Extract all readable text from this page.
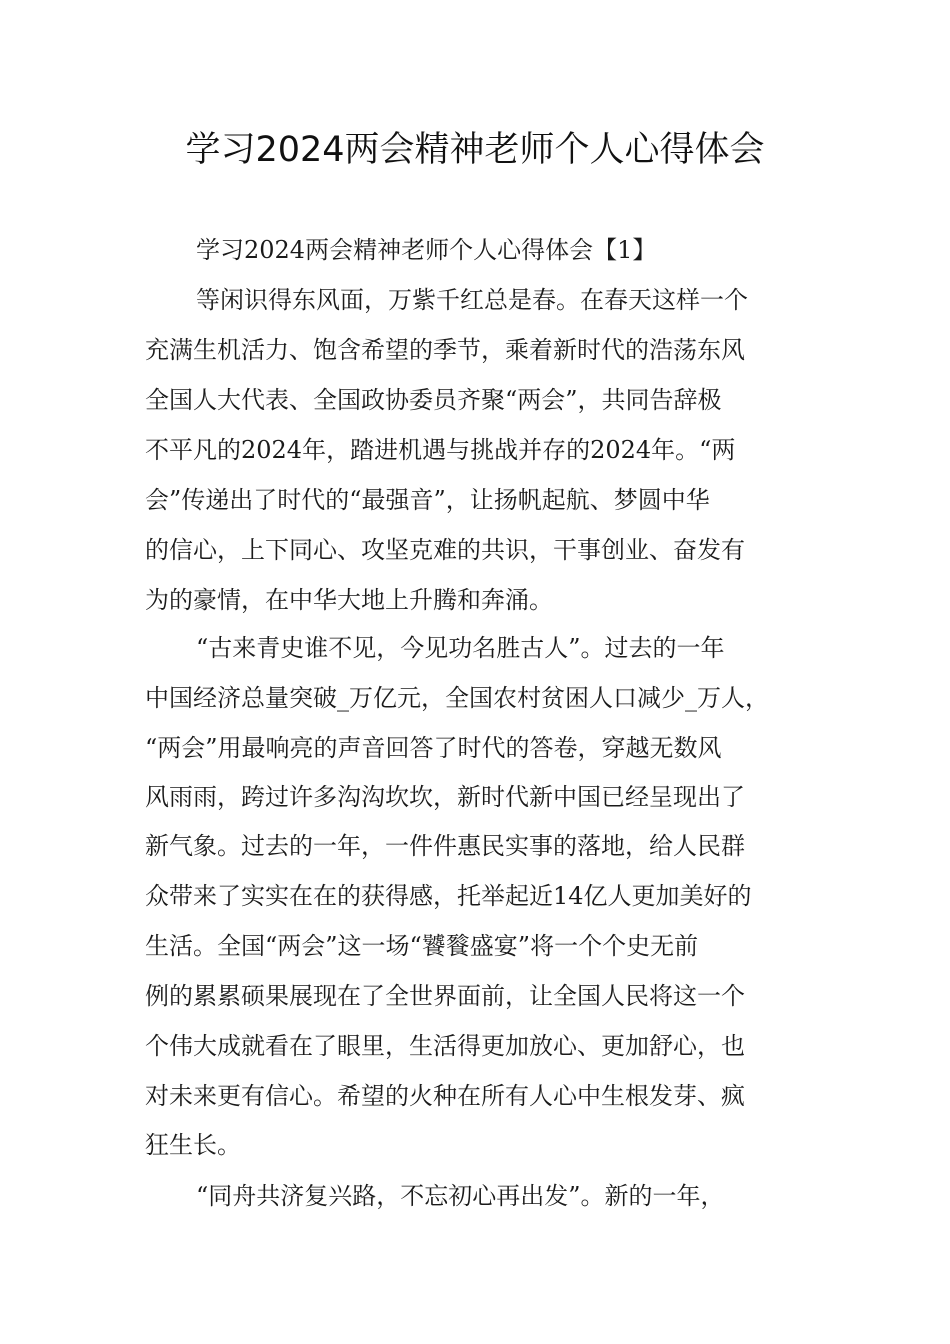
学习2024两会精神老师个人心得体会
学习2024两会精神老师个人心得体会【1】
等闲识得东风面，万紫千红总是春。在春天这样一个
充满生机活力、饱含希望的季节，乘着新时代的浩荡东风
全国人大代表、全国政协委员齐聚“两会”，共同告辞极
不平凡的2024年，踏进机遇与挑战并存的2024年。“两
会”传递出了时代的“最强音”，让扬帆起航、梦圆中华
的信心，上下同心、攻坚克难的共识，干事创业、奋发有
为的豪情，在中华大地上升腾和奔涌。
“古来青史谁不见，今见功名胜古人”。过去的一年
中国经济总量突破_万亿元，全国农村贫困人口减少_万人，
“两会”用最响亮的声音回答了时代的答卷，穿越无数风
风雨雨，跨过许多沟沟坎坎，新时代新中国已经呈现出了
新气象。过去的一年，一件件惠民实事的落地，给人民群
众带来了实实在在的获得感，托举起近14亿人更加美好的
生活。全国“两会”这一场“饕餮盛宴”将一个个史无前
例的累累硕果展现在了全世界面前，让全国人民将这一个
个伟大成就看在了眼里，生活得更加放心、更加舒心，也
对未来更有信心。希望的火种在所有人心中生根发芽、疯
狂生长。
“同舟共济复兴路，不忘初心再出发”。新的一年，
